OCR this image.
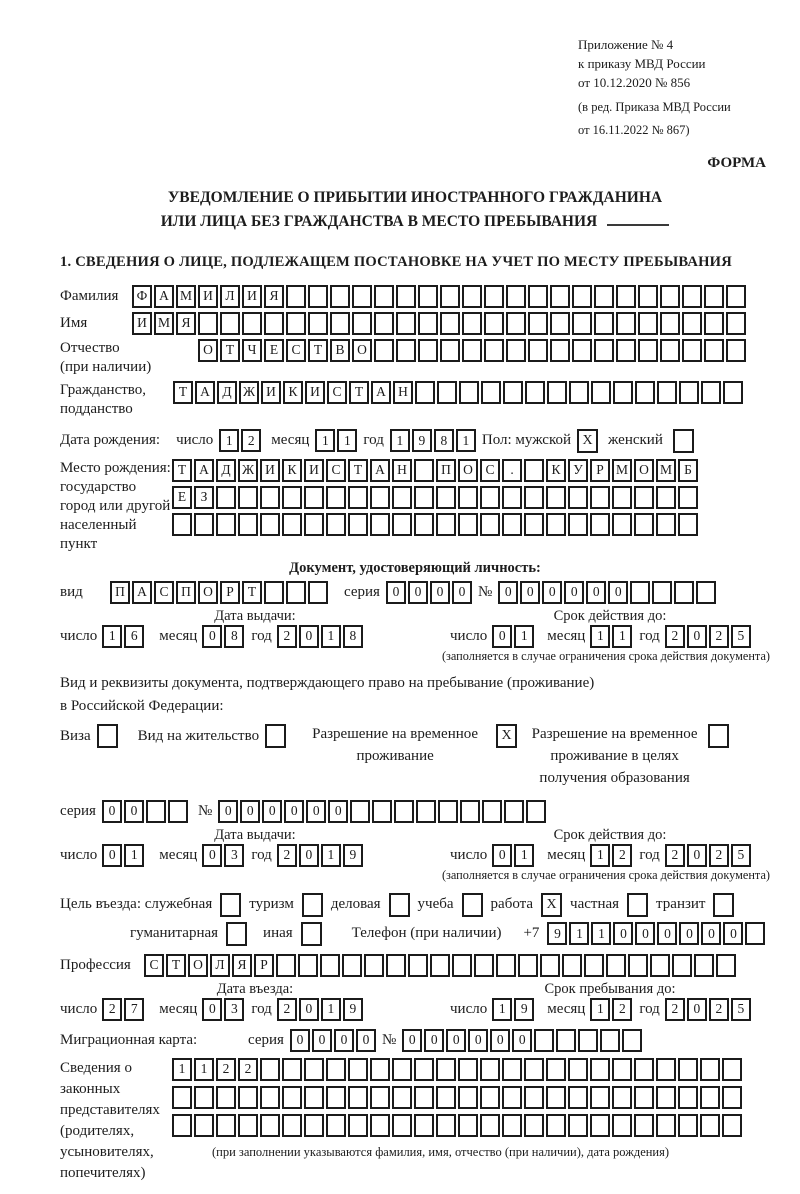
Приложение № 4
к приказу МВД России
от 10.12.2020 № 856
(в ред. Приказа МВД России
от 16.11.2022 № 867)
ФОРМА
УВЕДОМЛЕНИЕ О ПРИБЫТИИ ИНОСТРАННОГО ГРАЖДАНИНА
ИЛИ ЛИЦА БЕЗ ГРАЖДАНСТВА В МЕСТО ПРЕБЫВАНИЯ
1. СВЕДЕНИЯ О ЛИЦЕ, ПОДЛЕЖАЩЕМ ПОСТАНОВКЕ НА УЧЕТ ПО МЕСТУ ПРЕБЫВАНИЯ
Фамилия	Ф А М И Л И Я
Имя	И М Я
Отчество
(при наличии)
О Т Ч Е С Т В О
Гражданство,
подданство
Т А Д Ж И К И С Т А Н
Дата рождения: число 1	2	месяц 1	1 год 1	9	8	1 Пол: мужской X	женский
Место рождения:
государство
город или другой
населенный пункт
Т А Д Ж И К И С Т А Н	П О С	.	К У Р М О М Б
Е	З
Документ, удостоверяющий личность:
вид	П А С П О Р	Т	серия 0	0	0	0 № 0	0	0	0	0	0
Дата выдачи:	Срок действия до:
число 1	6	месяц 0	8 год 2	0	1	8	число 0	1	месяц 1	1 год 2	0	2	5
(заполняется в случае ограничения срока действия документа)
Вид и реквизиты документа, подтверждающего право на пребывание (проживание)
в Российской Федерации:
Виза	Вид на жительство	Разрешение на временное проживание
X	Разрешение на временное проживание в целях получения образования
серия 0	0	№ 0	0	0	0	0	0
Дата выдачи:	Срок действия до:
число 0	1	месяц 0	3 год 2	0	1	9	число 0	1	месяц 1	2 год 2	0	2	5
(заполняется в случае ограничения срока действия документа)
Цель въезда: служебная туризм деловая учеба работа X частная транзит
гуманитарная	иная	Телефон (при наличии) +7	9	1	1	0	0	0	0	0	0
Профессия	С Т О Л Я	Р
Дата въезда:	Срок пребывания до:
число 2	7	месяц 0	3 год 2	0	1	9	число 1	9	месяц 1	2 год 2	0	2	5
Миграционная карта:	серия 0	0	0	0 № 0	0	0	0	0	0
Сведения о
законных
представителях
(родителях,
усыновителях,
попечителях)
1	1	2	2
(при заполнении указываются фамилия, имя, отчество (при наличии), дата рождения)
